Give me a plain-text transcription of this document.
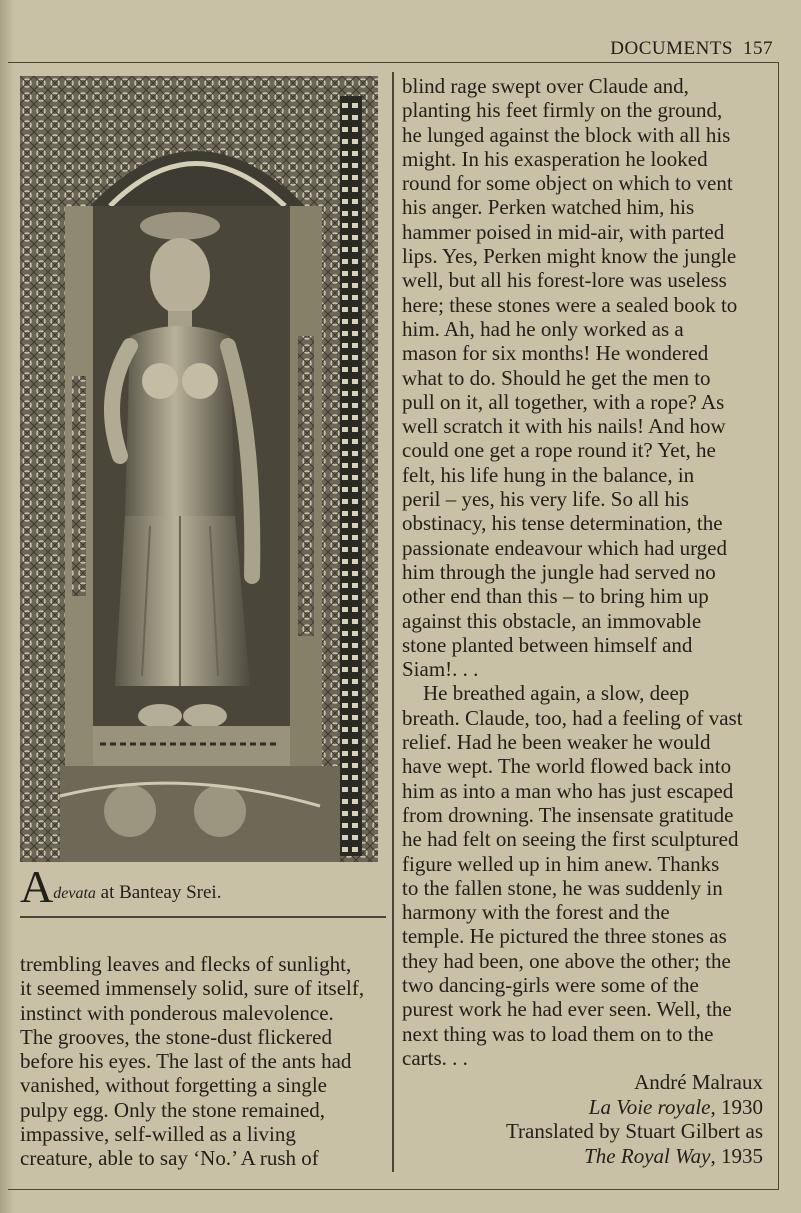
DOCUMENTS 157
Adevata at Banteay Srei.

trembling leaves and flecks of sunlight,

it seemed immensely solid, sure of itself,

instinct with ponderous malevolence.

The grooves, the stone-dust flickered

before his eyes. The last of the ants had

vanished, without forgetting a single

pulpy egg. Only the stone remained,

impassive, self-willed as a living

creature, able to say ‘No.’ A rush of

blind rage swept over Claude and,

planting his feet firmly on the ground,

he lunged against the block with all his

might. In his exasperation he looked

round for some object on which to vent

his anger. Perken watched him, his

hammer poised in mid-air, with parted

lips. Yes, Perken might know the jungle

well, but all his forest-lore was useless

here; these stones were a sealed book to

him. Ah, had he only worked as a

mason for six months! He wondered

what to do. Should he get the men to

pull on it, all together, with a rope? As

well scratch it with his nails! And how

could one get a rope round it? Yet, he

felt, his life hung in the balance, in

peril – yes, his very life. So all his

obstinacy, his tense determination, the

passionate endeavour which had urged

him through the jungle had served no

other end than this – to bring him up

against this obstacle, an immovable

stone planted between himself and

Siam!. . .

He breathed again, a slow, deep

breath. Claude, too, had a feeling of vast

relief. Had he been weaker he would

have wept. The world flowed back into

him as into a man who has just escaped

from drowning. The insensate gratitude

he had felt on seeing the first sculptured

figure welled up in him anew. Thanks

to the fallen stone, he was suddenly in

harmony with the forest and the

temple. He pictured the three stones as

they had been, one above the other; the

two dancing-girls were some of the

purest work he had ever seen. Well, the

next thing was to load them on to the

carts. . .

André Malraux
La Voie royale, 1930
Translated by Stuart Gilbert as
The Royal Way, 1935
